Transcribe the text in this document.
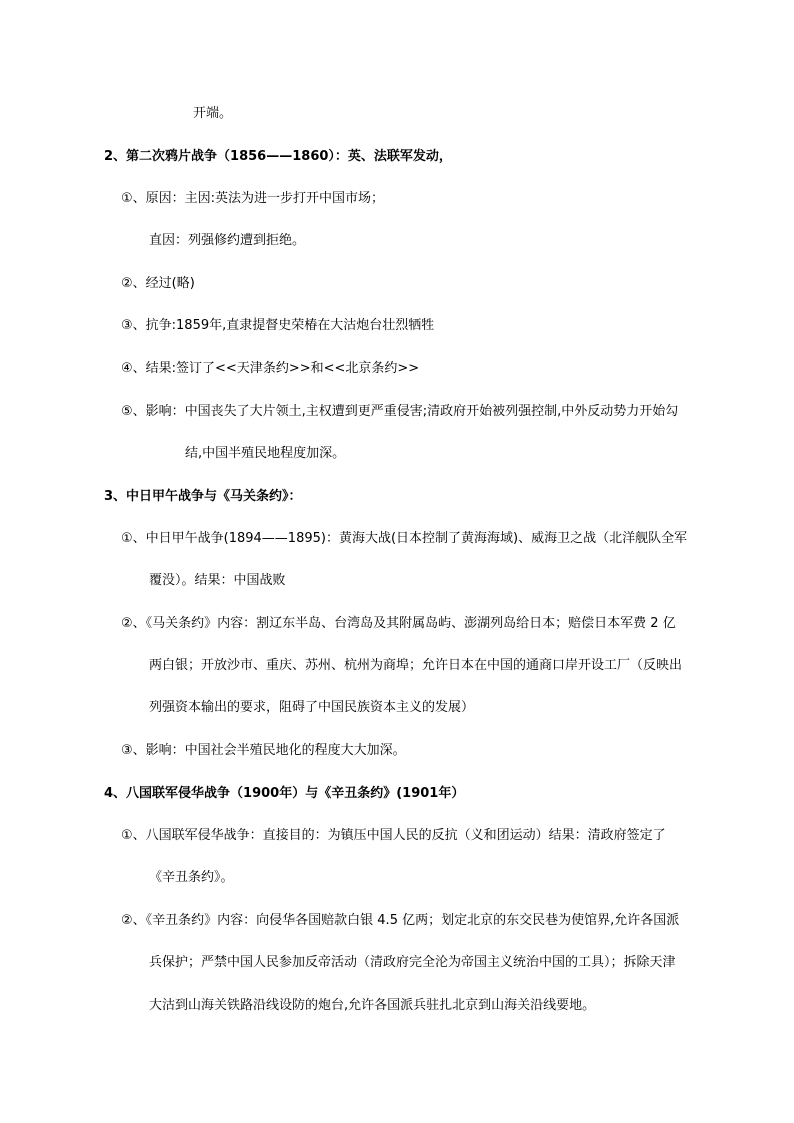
开端。
2、第二次鸦片战争（1856——1860）：英、法联军发动，
①、原因：主因:英法为进一步打开中国市场；
直因：列强修约遭到拒绝。
②、经过(略)
③、抗争:1859年,直隶提督史荣椿在大沽炮台壮烈牺牲
④、结果:签订了<<天津条约>>和<<北京条约>>
⑤、影响：中国丧失了大片领土,主权遭到更严重侵害;清政府开始被列强控制,中外反动势力开始勾
结,中国半殖民地程度加深。
3、中日甲午战争与《马关条约》：
①、中日甲午战争(1894——1895)：黄海大战(日本控制了黄海海域)、威海卫之战（北洋舰队全军
覆没）。结果：中国战败
②、《马关条约》内容：割辽东半岛、台湾岛及其附属岛屿、澎湖列岛给日本；赔偿日本军费 2 亿
两白银；开放沙市、重庆、苏州、杭州为商埠；允许日本在中国的通商口岸开设工厂（反映出
列强资本输出的要求，阻碍了中国民族资本主义的发展）
③、影响：中国社会半殖民地化的程度大大加深。
4、八国联军侵华战争（1900年）与《辛丑条约》(1901年）
①、八国联军侵华战争：直接目的：为镇压中国人民的反抗（义和团运动）结果：清政府签定了
《辛丑条约》。
②、《辛丑条约》内容：向侵华各国赔款白银 4.5 亿两；划定北京的东交民巷为使馆界,允许各国派
兵保护；严禁中国人民参加反帝活动（清政府完全沦为帝国主义统治中国的工具）；拆除天津
大沽到山海关铁路沿线设防的炮台,允许各国派兵驻扎北京到山海关沿线要地。
